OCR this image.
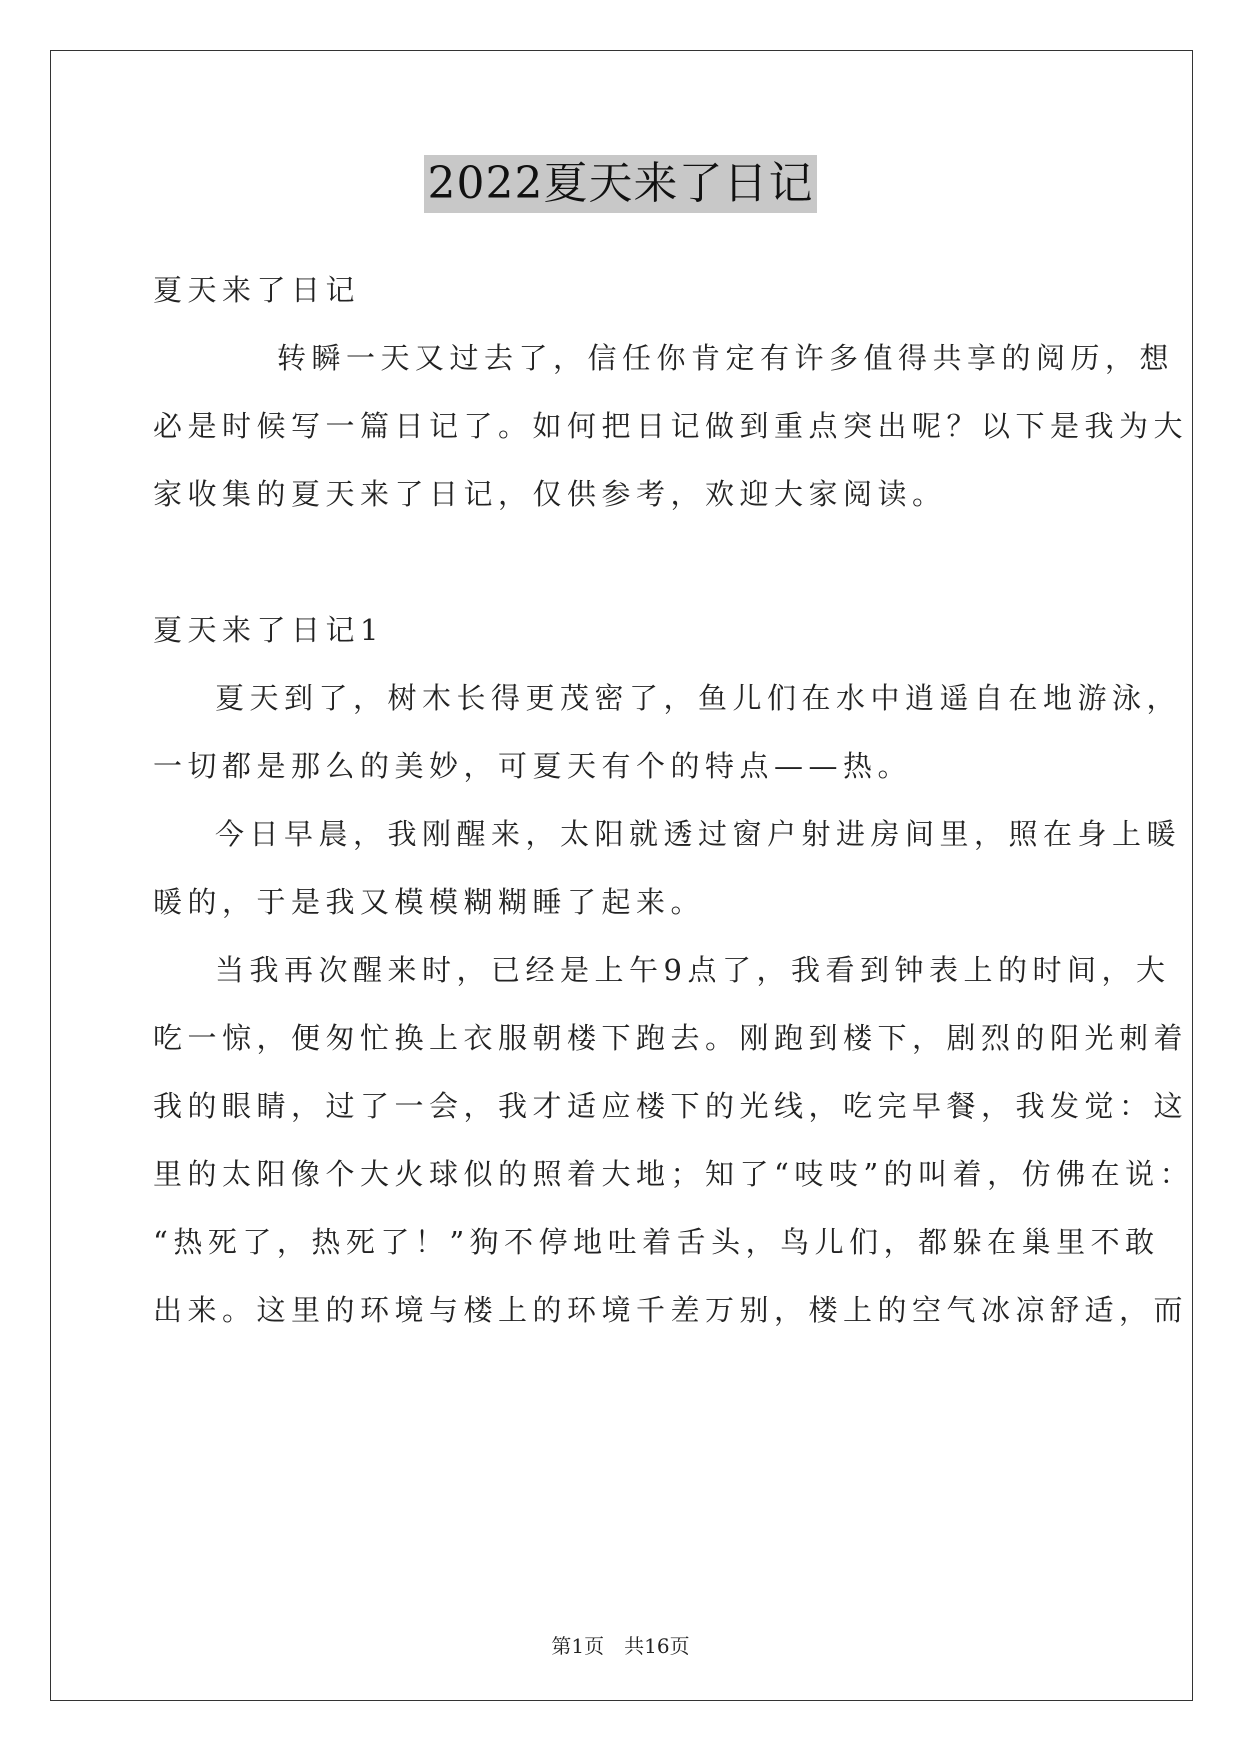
2022夏天来了日记
夏天来了日记
转瞬一天又过去了，信任你肯定有许多值得共享的阅历，想
必是时候写一篇日记了。如何把日记做到重点突出呢？以下是我为大
家收集的夏天来了日记，仅供参考，欢迎大家阅读。
夏天来了日记1
夏天到了，树木长得更茂密了，鱼儿们在水中逍遥自在地游泳，
一切都是那么的美妙，可夏天有个的特点——热。
今日早晨，我刚醒来，太阳就透过窗户射进房间里，照在身上暖
暖的，于是我又模模糊糊睡了起来。
当我再次醒来时，已经是上午9点了，我看到钟表上的时间，大
吃一惊，便匆忙换上衣服朝楼下跑去。刚跑到楼下，剧烈的阳光刺着
我的眼睛，过了一会，我才适应楼下的光线，吃完早餐，我发觉：这
里的太阳像个大火球似的照着大地；知了“吱吱”的叫着，仿佛在说：
“热死了，热死了！”狗不停地吐着舌头，鸟儿们，都躲在巢里不敢
出来。这里的环境与楼上的环境千差万别，楼上的空气冰凉舒适，而
第1页　共16页
